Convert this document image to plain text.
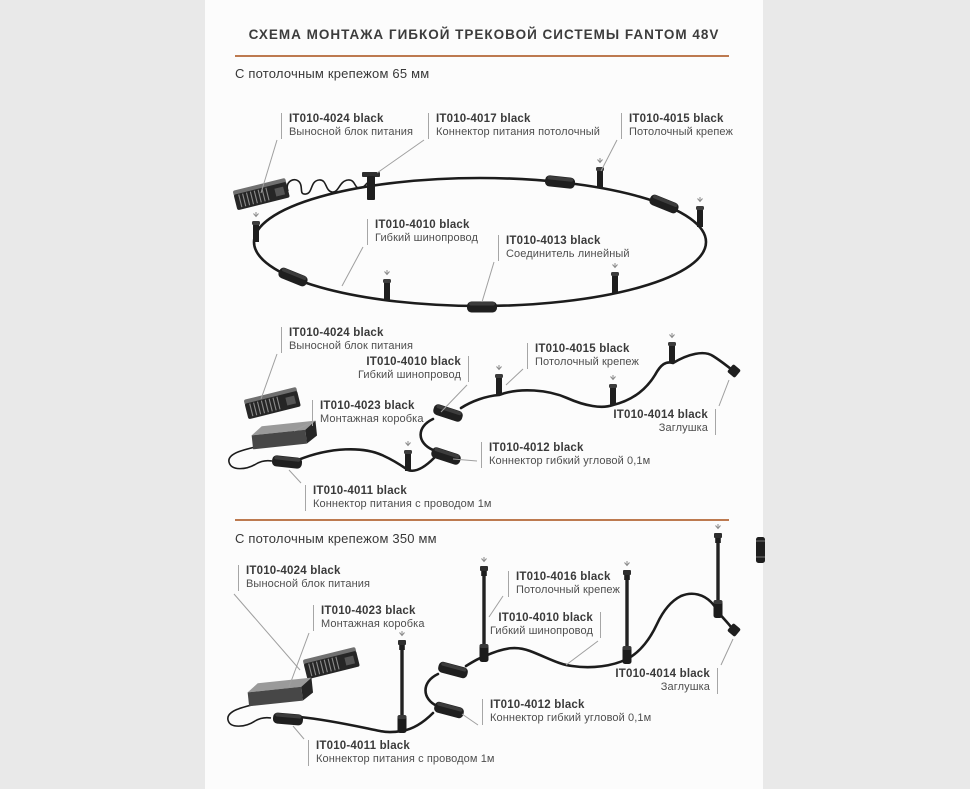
СХЕМА МОНТАЖА ГИБКОЙ ТРЕКОВОЙ СИСТЕМЫ FANTOM 48V
С потолочным крепежом 65 мм
С потолочным крепежом 350 мм
IT010-4024 black
Выносной блок питания
IT010-4017 black
Коннектор питания потолочный
IT010-4015 black
Потолочный крепеж
IT010-4010 black
Гибкий шинопровод IT010-4013 black
Соединитель линейный
IT010-4024 black
Выносной блок питания
IT010-4010 black
Гибкий шинопровод
IT010-4015 black
Потолочный крепеж
IT010-4023 black
Монтажная коробка	IT010-4014 black
Заглушка
IT010-4012 black
Коннектор гибкий угловой 0,1м
IT010-4011 black
Коннектор питания с проводом 1м
IT010-4024 black
Выносной блок питания
IT010-4023 black
Монтажная коробка
IT010-4016 black
Потолочный крепеж
IT010-4010 black
Гибкий шинопровод
IT010-4014 black
Заглушка
IT010-4012 black
Коннектор гибкий угловой 0,1м
IT010-4011 black
Коннектор питания с проводом 1м
